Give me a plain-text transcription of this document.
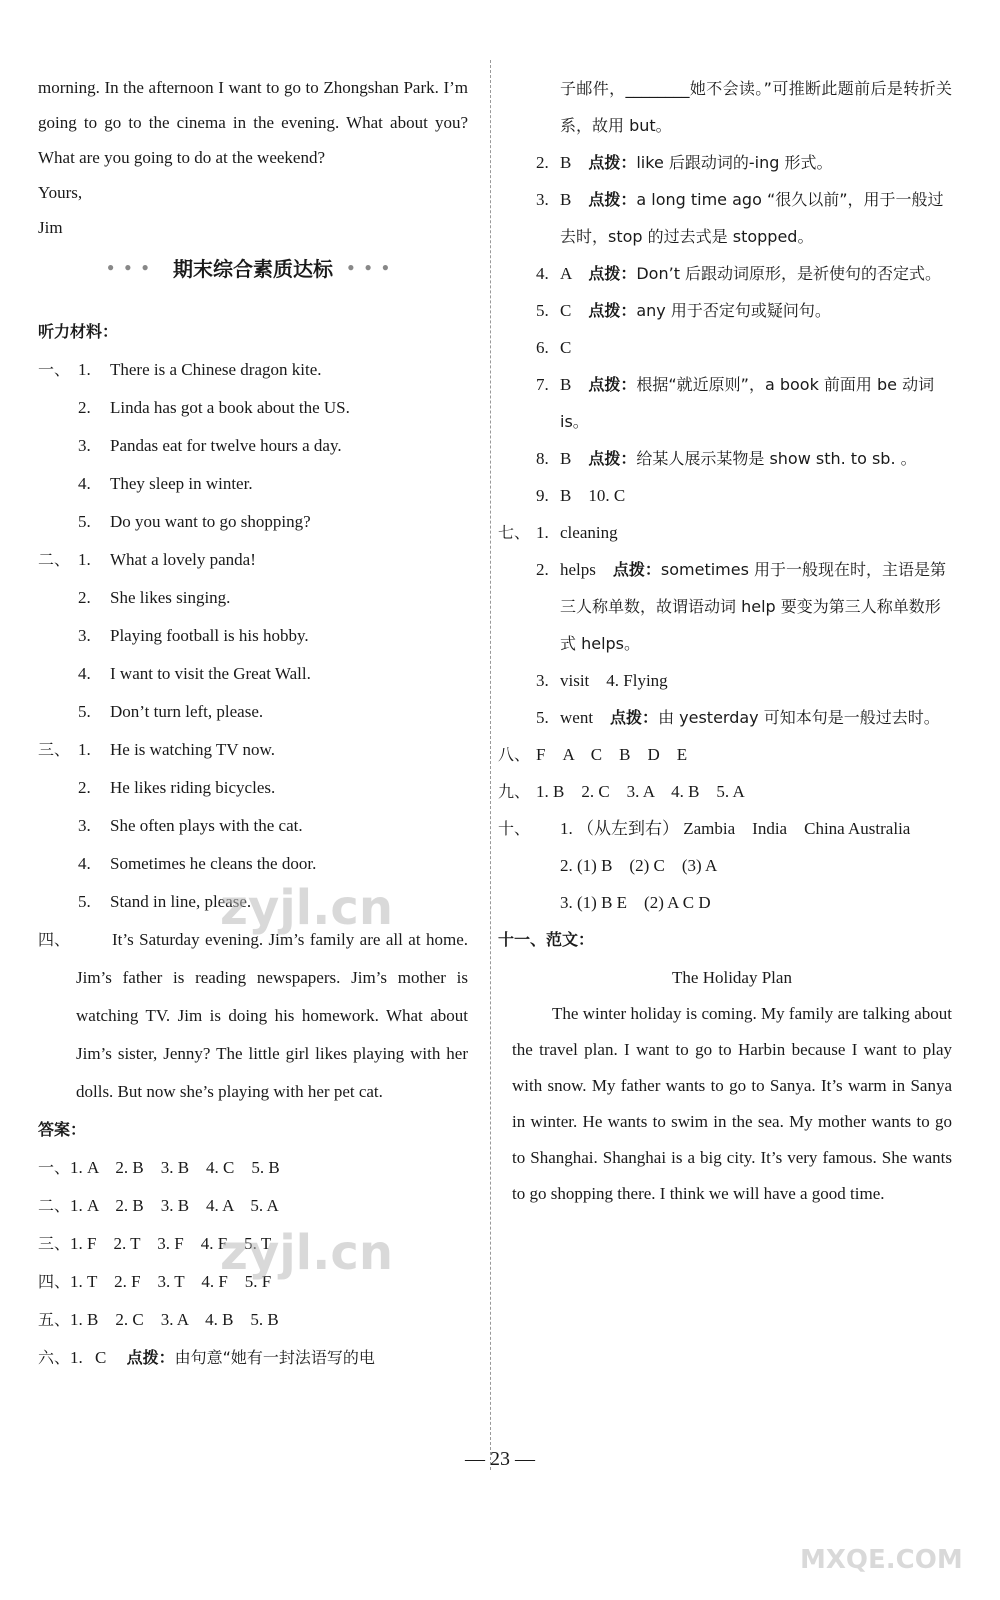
morning. In the afternoon I want to go to Zhongshan Park. I’m going to go to the cinema in the evening. What about you? What are you going to do at the weekend?

Yours,

Jim

●●● 期末综合素质达标 ●●●
听力材料：
一、 1. There is a Chinese dragon kite.
2. Linda has got a book about the US.
3. Pandas eat for twelve hours a day.
4. They sleep in winter.
5. Do you want to go shopping?
二、 1. What a lovely panda!
2. She likes singing.
3. Playing football is his hobby.
4. I want to visit the Great Wall.
5. Don’t turn left, please.
三、 1. He is watching TV now.
2. He likes riding bicycles.
3. She often plays with the cat.
4. Sometimes he cleans the door.
5. Stand in line, please.
四、	It’s Saturday evening. Jim’s family are all at home. Jim’s father is reading newspapers. Jim’s mother is watching TV. Jim is doing his homework. What about Jim’s sister, Jenny? The little girl likes playing with her dolls. But now she’s playing with her pet cat.

答案：
一、1. A　2. B　3. B　4. C　5. B
二、1. A　2. B　3. B　4. A　5. A
三、1. F　2. T　3. F　4. F　5. T
四、1. T　2. F　3. T　4. F　5. F
五、1. B　2. C　3. A　4. B　5. B
六、1. C 点拨：由句意“她有一封法语写的电

子邮件，________她不会读。”可推断此题前后是转折关系，故用 but。

2. B　 点拨：like 后跟动词的-ing 形式。
3. B　 点拨：a long time ago “很久以前”，用于一般过去时，stop 的过去式是 stopped。
4. A　 点拨：Don’t 后跟动词原形，是祈使句的否定式。
5. C　 点拨：any 用于否定句或疑问句。
6. C
7. B　 点拨：根据“就近原则”，a book 前面用 be 动词 is。
8. B　 点拨：给某人展示某物是 show sth. to sb. 。
9. B　10. C
七、 1. cleaning
2. helps　 点拨：sometimes 用于一般现在时，主语是第三人称单数，故谓语动词 help 要变为第三人称单数形式 helps。
3. visit　4. Flying
5. went　 点拨：由 yesterday 可知本句是一般过去时。
八、 F　A　C　B　D　E
九、 1. B　2. C　3. A　4. B　5. A
十、 1. （从左到右） Zambia　India　China Australia
2. (1) B　(2) C　(3) A
3. (1) B E　(2) A C D
十一、范文：
The Holiday Plan

The winter holiday is coming. My family are talking about the travel plan. I want to go to Harbin because I want to play with snow. My father wants to go to Sanya. It’s warm in Sanya in winter. He wants to swim in the sea. My mother wants to go to Shanghai. Shanghai is a big city. It’s very famous. She wants to go shopping there. I think we will have a good time.

— 23 —
zyjl.cn
zyjl.cn
MXQE.COM
